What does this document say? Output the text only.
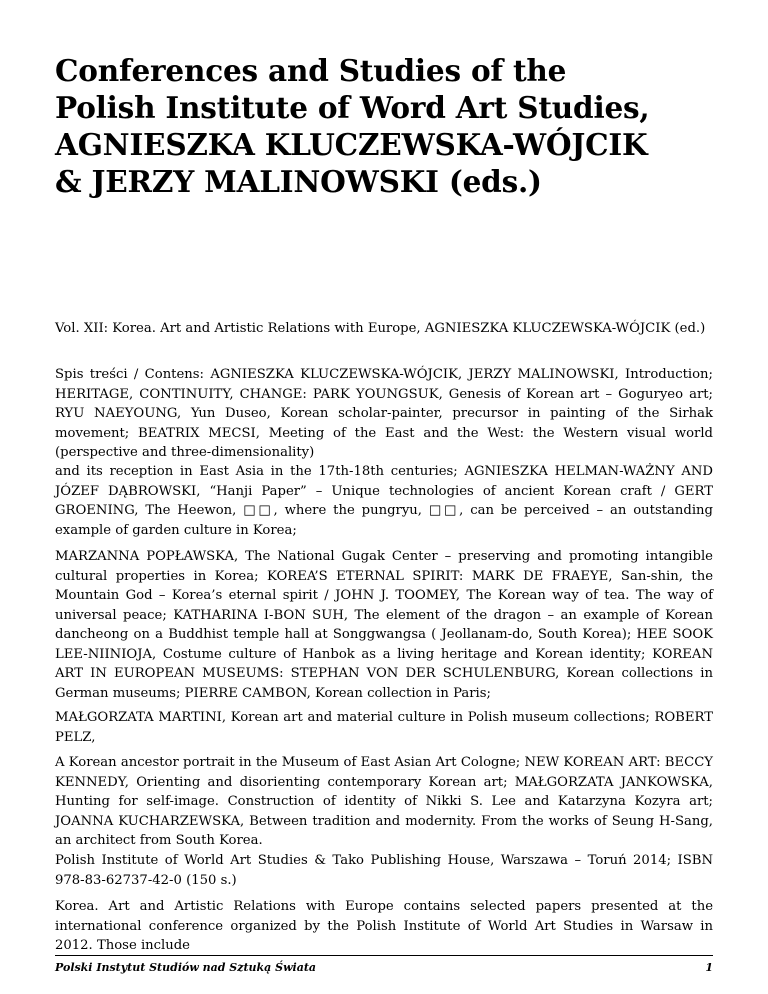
Conferences and Studies of the Polish Institute of Word Art Studies, AGNIESZKA KLUCZEWSKA-WÓJCIK & JERZY MALINOWSKI (eds.)

Vol. XII: Korea. Art and Artistic Relations with Europe, AGNIESZKA KLUCZEWSKA-WÓJCIK (ed.)

Spis treści / Contens: AGNIESZKA KLUCZEWSKA-WÓJCIK, JERZY MALINOWSKI, Introduction; HERITAGE, CONTINUITY, CHANGE: PARK YOUNGSUK, Genesis of Korean art – Goguryeo art; RYU NAEYOUNG, Yun Duseo, Korean scholar-painter, precursor in painting of the Sirhak movement; BEATRIX MECSI, Meeting of the East and the West: the Western visual world (perspective and three-dimensionality)

and its reception in East Asia in the 17th-18th centuries; AGNIESZKA HELMAN-WAŻNY AND JÓZEF DĄBROWSKI, “Hanji Paper” – Unique technologies of ancient Korean craft / GERT GROENING, The Heewon, □□, where the pungryu, □□, can be perceived – an outstanding example of garden culture in Korea;

MARZANNA POPŁAWSKA, The National Gugak Center – preserving and promoting intangible cultural properties in Korea; KOREA’S ETERNAL SPIRIT: MARK DE FRAEYE, San-shin, the Mountain God – Korea’s eternal spirit / JOHN J. TOOMEY, The Korean way of tea. The way of universal peace; KATHARINA I-BON SUH, The element of the dragon – an example of Korean dancheong on a Buddhist temple hall at Songgwangsa ( Jeollanam-do, South Korea); HEE SOOK LEE-NIINIOJA, Costume culture of Hanbok as a living heritage and Korean identity; KOREAN ART IN EUROPEAN MUSEUMS: STEPHAN VON DER SCHULENBURG, Korean collections in German museums; PIERRE CAMBON, Korean collection in Paris;

MAŁGORZATA MARTINI, Korean art and material culture in Polish museum collections; ROBERT PELZ,

A Korean ancestor portrait in the Museum of East Asian Art Cologne; NEW KOREAN ART: BECCY KENNEDY, Orienting and disorienting contemporary Korean art; MAŁGORZATA JANKOWSKA, Hunting for self-image. Construction of identity of Nikki S. Lee and Katarzyna Kozyra art; JOANNA KUCHARZEWSKA, Between tradition and modernity. From the works of Seung H-Sang, an architect from South Korea.

Polish Institute of World Art Studies & Tako Publishing House, Warszawa – Toruń 2014; ISBN 978-83-62737-42-0 (150 s.)

Korea. Art and Artistic Relations with Europe contains selected papers presented at the international conference organized by the Polish Institute of World Art Studies in Warsaw in 2012. Those include

Polski Instytut Studiów nad Sztuką Świata	1
